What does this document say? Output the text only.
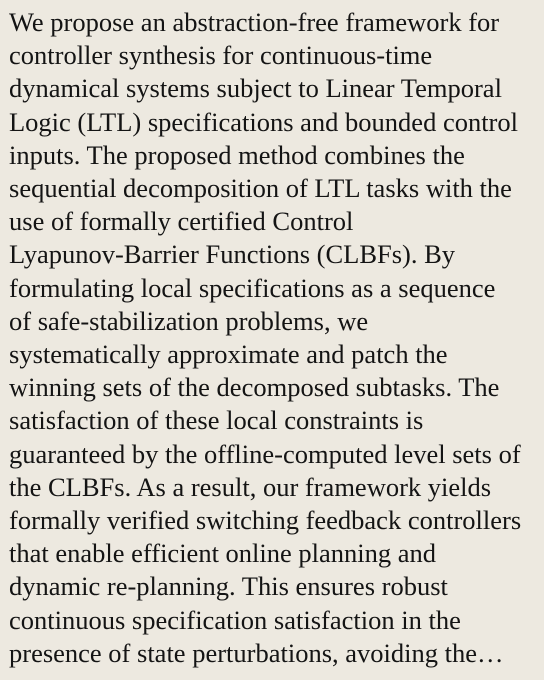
We propose an abstraction-free framework for
controller synthesis for continuous-time
dynamical systems subject to Linear Temporal
Logic (LTL) specifications and bounded control
inputs. The proposed method combines the
sequential decomposition of LTL tasks with the
use of formally certified Control
Lyapunov-Barrier Functions (CLBFs). By
formulating local specifications as a sequence
of safe-stabilization problems, we
systematically approximate and patch the
winning sets of the decomposed subtasks. The
satisfaction of these local constraints is
guaranteed by the offline-computed level sets of
the CLBFs. As a result, our framework yields
formally verified switching feedback controllers
that enable efficient online planning and
dynamic re-planning. This ensures robust
continuous specification satisfaction in the
presence of state perturbations, avoiding the…
